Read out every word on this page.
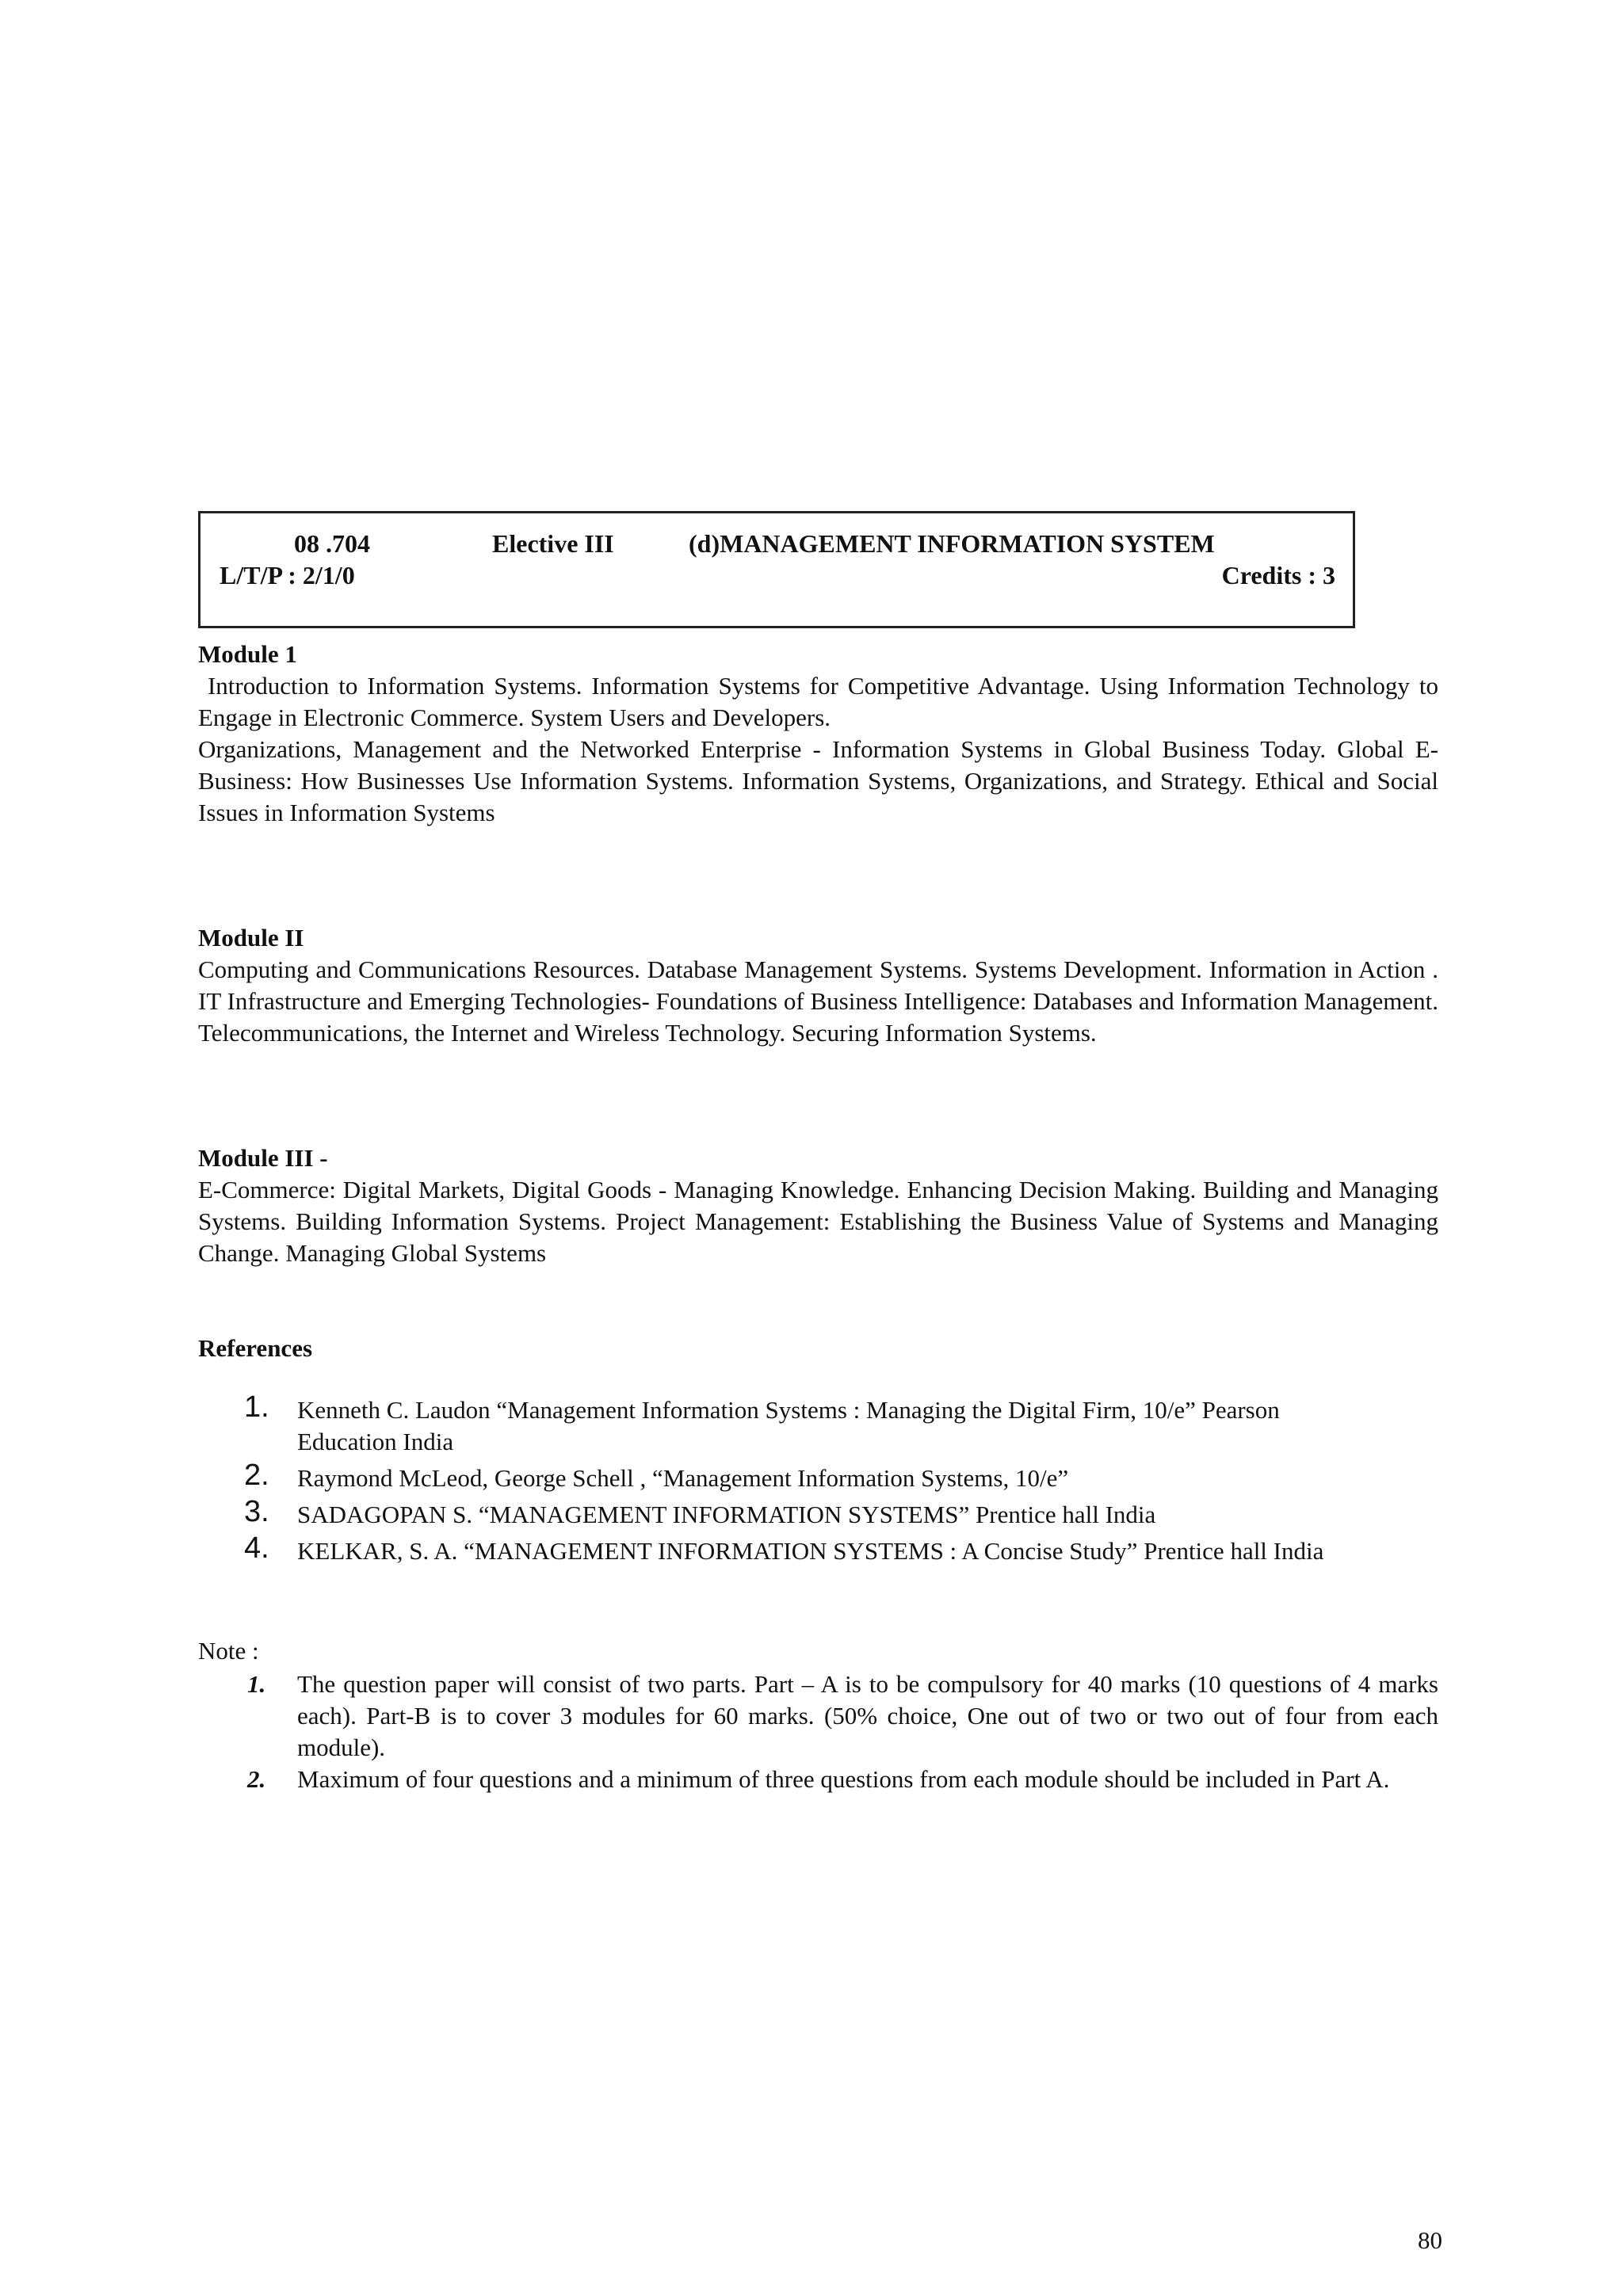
08 .704	Elective III	(d)MANAGEMENT INFORMATION SYSTEM
L/T/P : 2/1/0	Credits : 3
Module 1

Introduction to Information Systems. Information Systems for Competitive Advantage. Using Information Technology to Engage in Electronic Commerce. System Users and Developers.

Organizations, Management and the Networked Enterprise - Information Systems in Global Business Today. Global E-Business: How Businesses Use Information Systems. Information Systems, Organizations, and Strategy. Ethical and Social Issues in Information Systems

Module II

Computing and Communications Resources. Database Management Systems. Systems Development. Information in Action . IT Infrastructure and Emerging Technologies- Foundations of Business Intelligence: Databases and Information Management. Telecommunications, the Internet and Wireless Technology. Securing Information Systems.

Module III -

E-Commerce: Digital Markets, Digital Goods - Managing Knowledge. Enhancing Decision Making. Building and Managing Systems. Building Information Systems. Project Management: Establishing the Business Value of Systems and Managing Change. Managing Global Systems

References
1. Kenneth C. Laudon “Management Information Systems : Managing the Digital Firm, 10/e” Pearson Education India
2. Raymond McLeod, George Schell , “Management Information Systems, 10/e”
3. SADAGOPAN S. “MANAGEMENT INFORMATION SYSTEMS” Prentice hall India
4. KELKAR, S. A. “MANAGEMENT INFORMATION SYSTEMS : A Concise Study” Prentice hall India
Note :
1. The question paper will consist of two parts. Part – A is to be compulsory for 40 marks (10 questions of 4 marks each). Part-B is to cover 3 modules for 60 marks. (50% choice, One out of two or two out of four from each module).
2. Maximum of four questions and a minimum of three questions from each module should be included in Part A.
80
